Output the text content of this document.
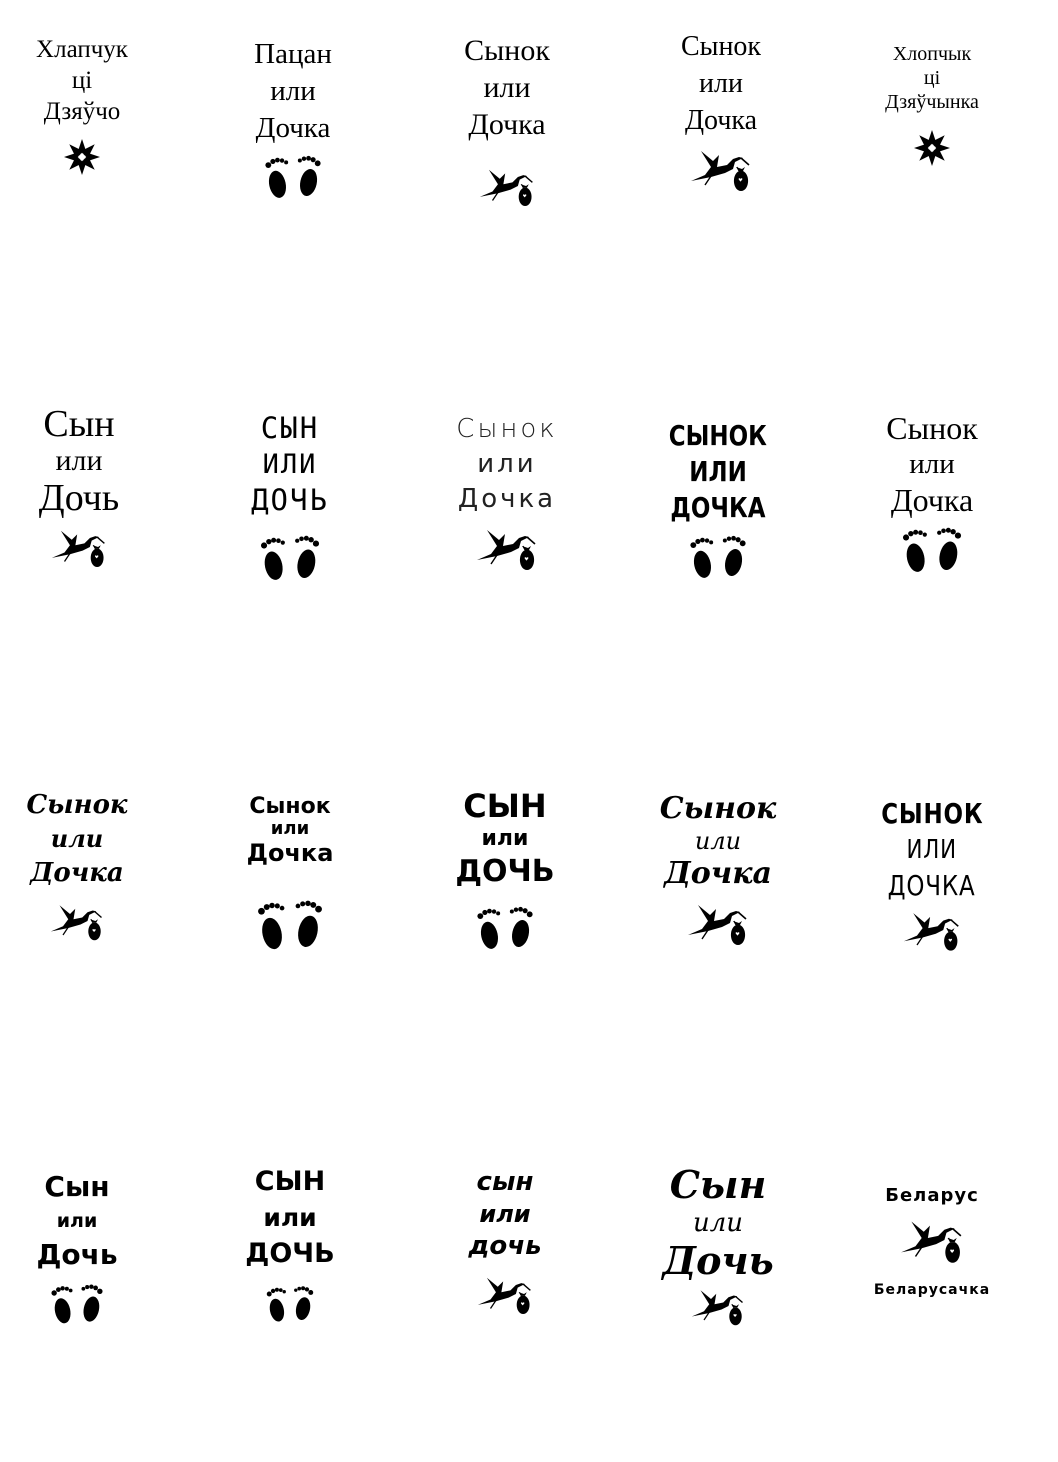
Хлапчук
ці
Дзяўчо
Пацан
или
Дочка
Сынок
или
Дочка
Сынок
или
Дочка
Хлопчык
ці
Дзяўчынка
Сын
или
Дочь
СЫН
ИЛИ
ДОЧЬ
Сынок
или
Дочка
СЫНОК
ИЛИ
ДОЧКА
Сынок
или
Дочка
Сынок
или
Дочка
Сынок
или
Дочка
СЫН
или
ДОЧЬ
Сынок
или
Дочка
СЫНОК
ИЛИ
ДОЧКА
Сын
или
Дочь
СЫН
или
ДОЧЬ
сын
или
дочь
Сын
или
Дочь
Беларус
Беларусачка
